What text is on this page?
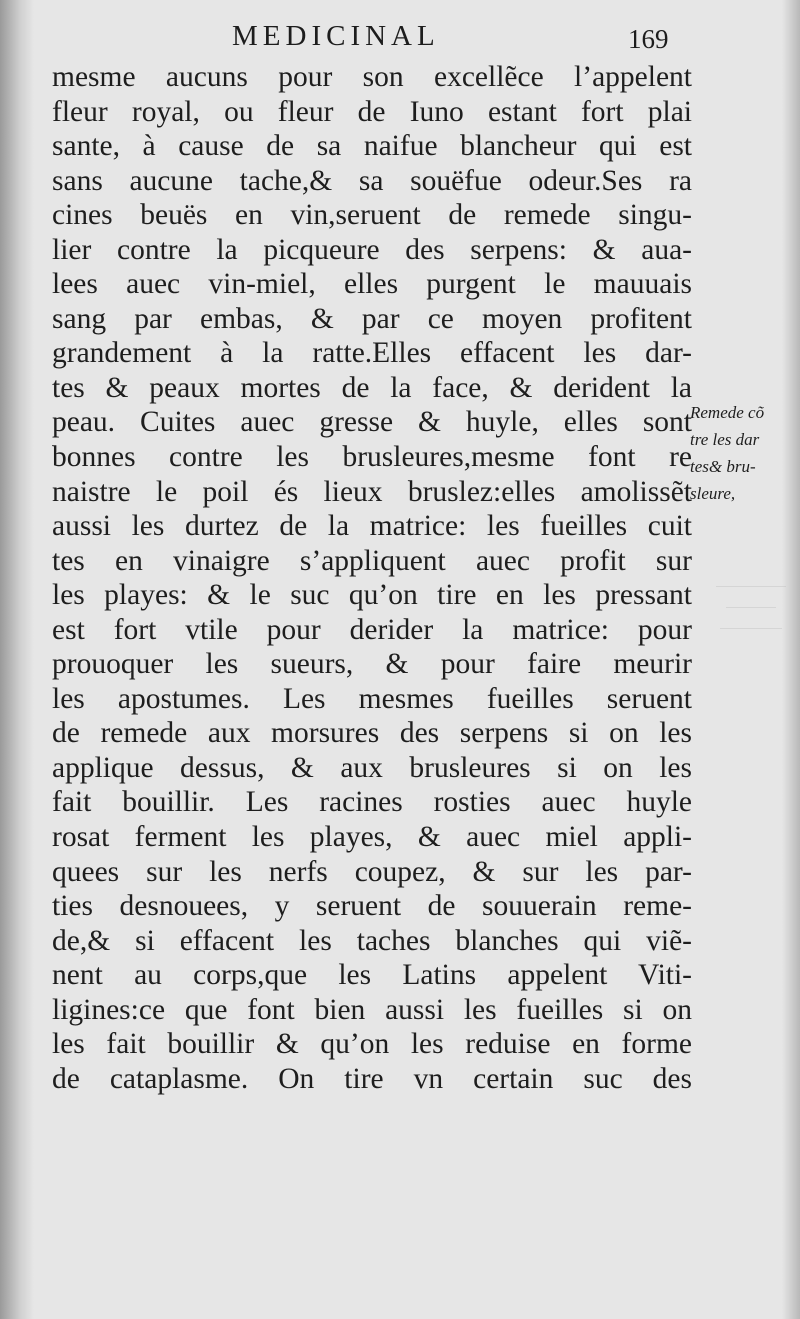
MEDICINAL	169
mesme aucuns pour son excellẽce l’appelent
fleur royal, ou fleur de Iuno estant fort plai
sante, à cause de sa naifue blancheur qui est
sans aucune tache,& sa souëfue odeur.Ses ra
cines beuës en vin,seruent de remede singu-
lier contre la picqueure des serpens: & aua-
lees auec vin-miel, elles purgent le mauuais
sang par embas, & par ce moyen profitent
grandement à la ratte.Elles effacent les dar-
tes & peaux mortes de la face, & derident la
peau. Cuites auec gresse & huyle, elles sont
bonnes contre les brusleures,mesme font re
naistre le poil és lieux bruslez:elles amolissẽt
aussi les durtez de la matrice: les fueilles cuit
tes en vinaigre s’appliquent auec profit sur
les playes: & le suc qu’on tire en les pressant
est fort vtile pour derider la matrice: pour
prouoquer les sueurs, & pour faire meurir
les apostumes. Les mesmes fueilles seruent
de remede aux morsures des serpens si on les
applique dessus, & aux brusleures si on les
fait bouillir. Les racines rosties auec huyle
rosat ferment les playes, & auec miel appli-
quees sur les nerfs coupez, & sur les par-
ties desnouees, y seruent de souuerain reme-
de,& si effacent les taches blanches qui viẽ-
nent au corps,que les Latins appelent Viti-
ligines:ce que font bien aussi les fueilles si on
les fait bouillir & qu’on les reduise en forme
de cataplasme. On tire vn certain suc des
Remede cõ
tre les dar
tes& bru-
sleure,
